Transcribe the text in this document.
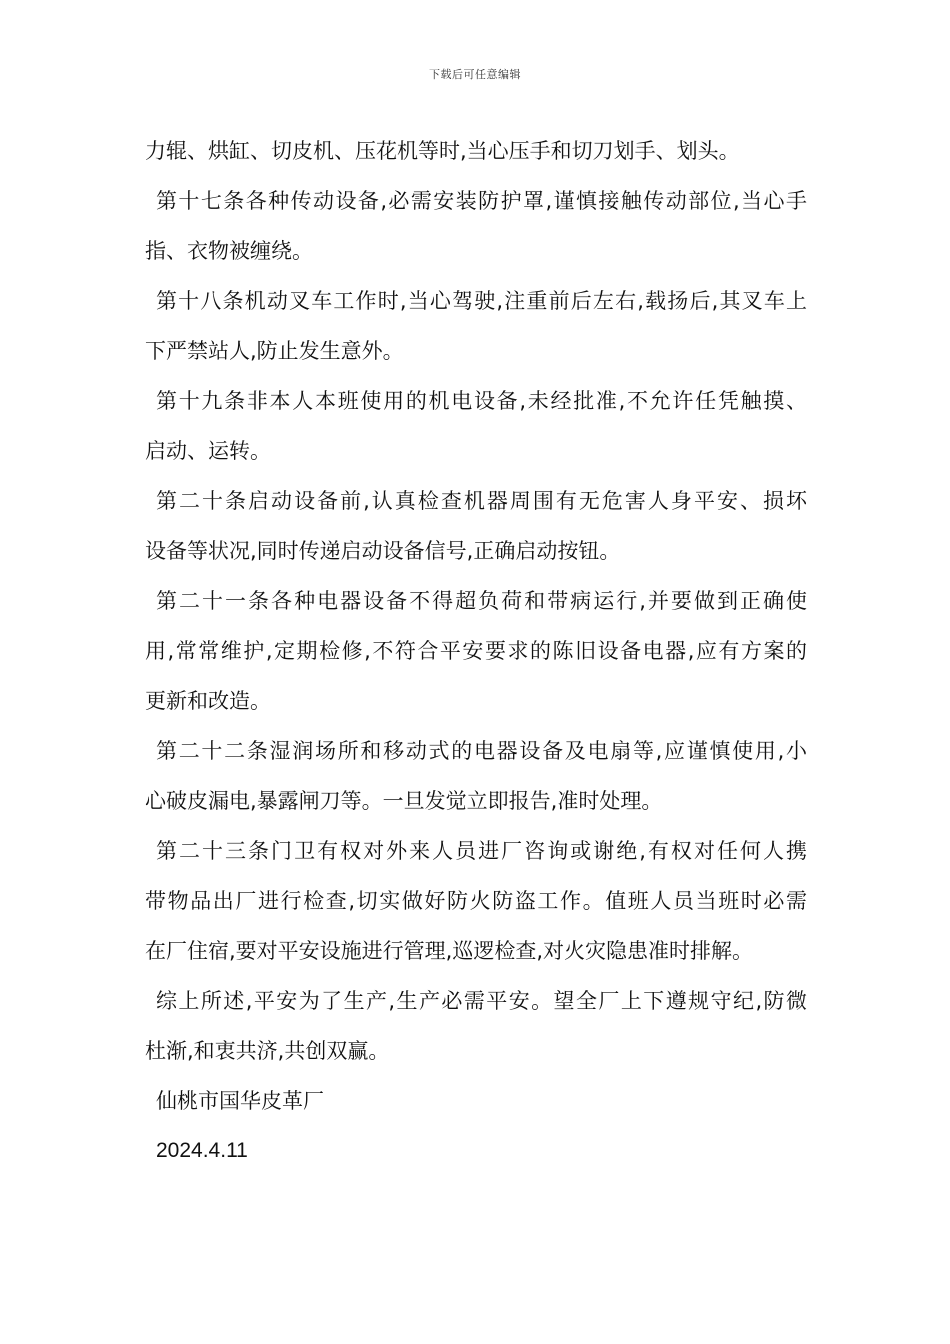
下载后可任意编辑
力辊、烘缸、切皮机、压花机等时,当心压手和切刀划手、划头。
第十七条各种传动设备,必需安装防护罩,谨慎接触传动部位,当心手
指、衣物被缠绕。
第十八条机动叉车工作时,当心驾驶,注重前后左右,载扬后,其叉车上
下严禁站人,防止发生意外。
第十九条非本人本班使用的机电设备,未经批准,不允许任凭触摸、
启动、运转。
第二十条启动设备前,认真检查机器周围有无危害人身平安、损坏
设备等状况,同时传递启动设备信号,正确启动按钮。
第二十一条各种电器设备不得超负荷和带病运行,并要做到正确使
用,常常维护,定期检修,不符合平安要求的陈旧设备电器,应有方案的
更新和改造。
第二十二条湿润场所和移动式的电器设备及电扇等,应谨慎使用,小
心破皮漏电,暴露闸刀等。一旦发觉立即报告,准时处理。
第二十三条门卫有权对外来人员进厂咨询或谢绝,有权对任何人携
带物品出厂进行检查,切实做好防火防盗工作。值班人员当班时必需
在厂住宿,要对平安设施进行管理,巡逻检查,对火灾隐患准时排解。
综上所述,平安为了生产,生产必需平安。望全厂上下遵规守纪,防微
杜渐,和衷共济,共创双赢。
仙桃市国华皮革厂
2024.4.11
